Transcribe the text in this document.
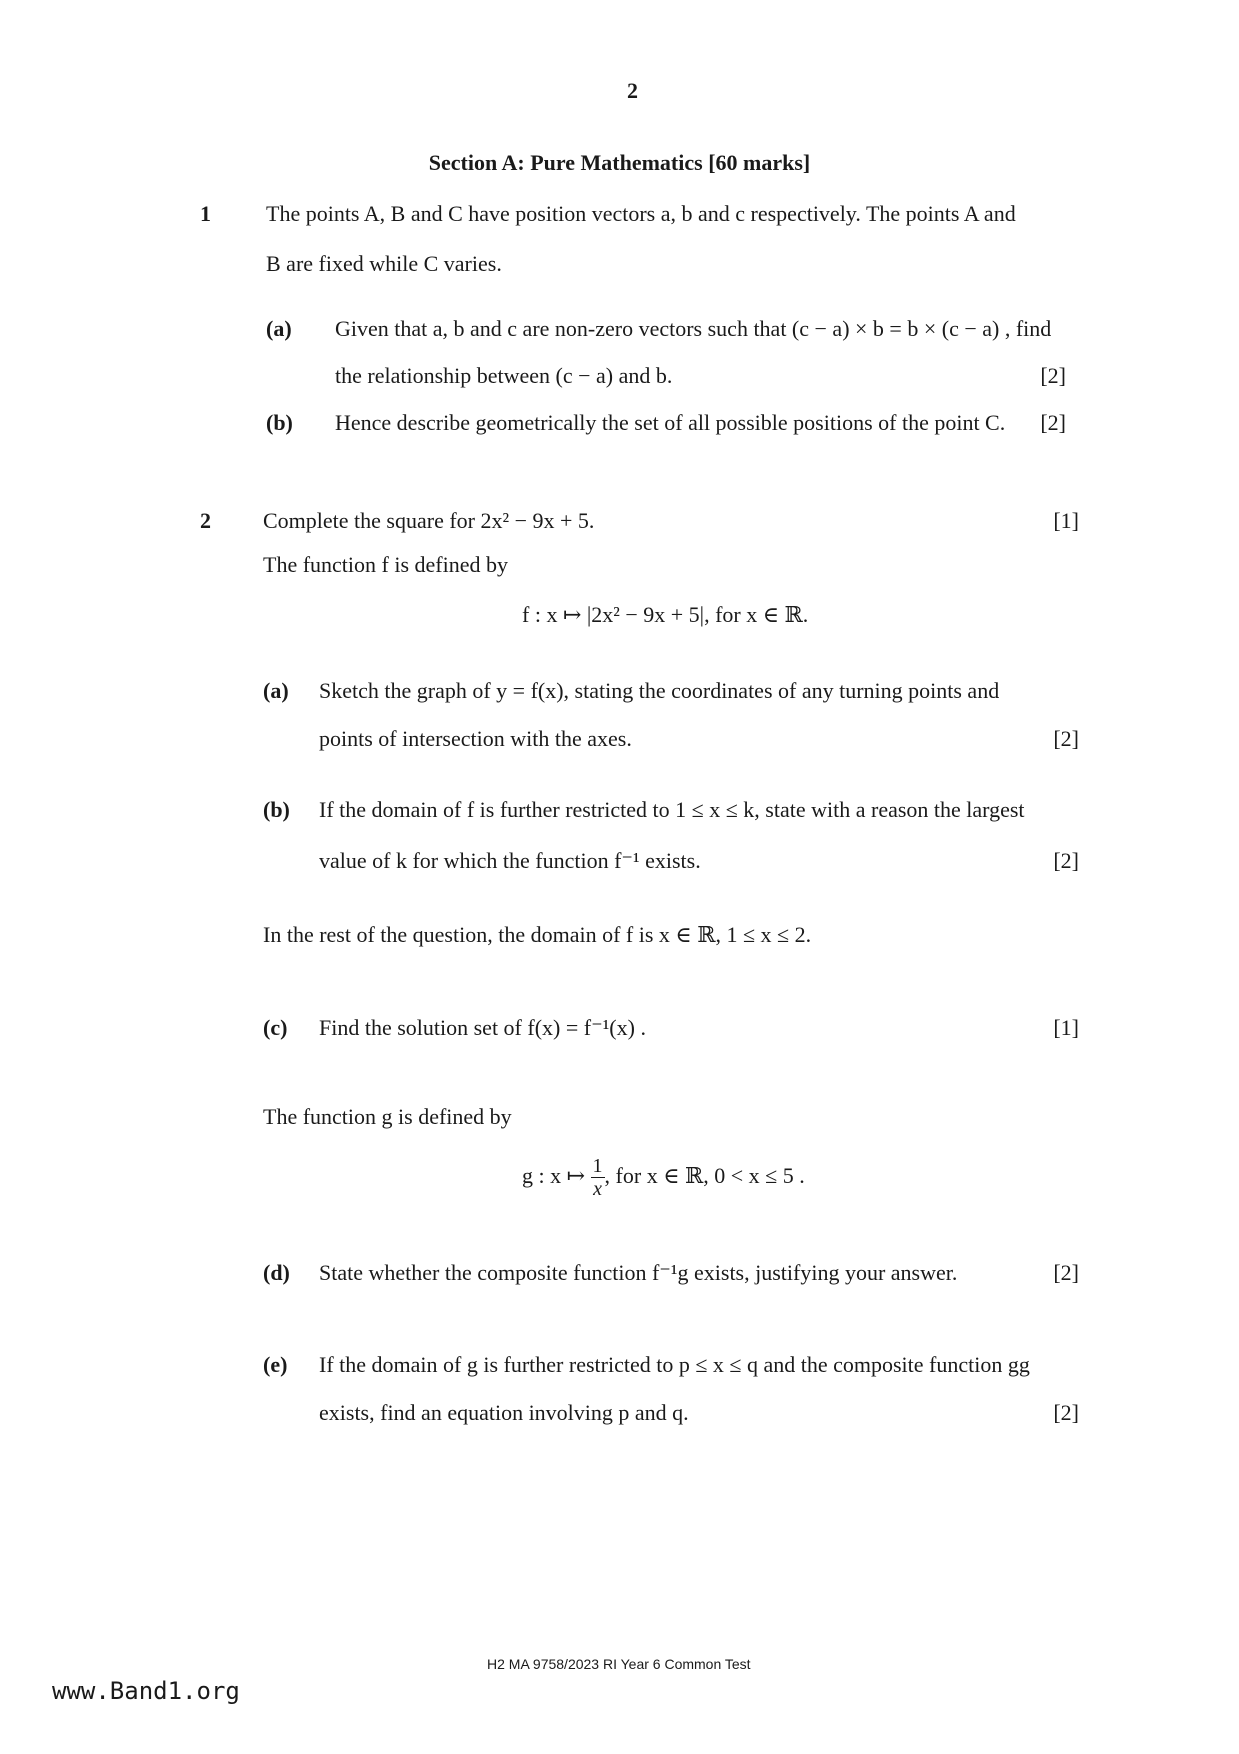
2
Section A: Pure Mathematics [60 marks]
1	The points A, B and C have position vectors a, b and c respectively. The points A and
B are fixed while C varies.
(a) Given that a, b and c are non-zero vectors such that (c − a) × b = b × (c − a) , find
the relationship between (c − a) and b.	[2]
(b) Hence describe geometrically the set of all possible positions of the point C. [2]
2 Complete the square for 2x² − 9x + 5.	[1]
The function f is defined by
f : x ↦ |2x² − 9x + 5|, for x ∈ ℝ.
(a) Sketch the graph of y = f(x), stating the coordinates of any turning points and
points of intersection with the axes.	[2]
(b) If the domain of f is further restricted to 1 ≤ x ≤ k, state with a reason the largest
value of k for which the function f⁻¹ exists.	[2]
In the rest of the question, the domain of f is x ∈ ℝ, 1 ≤ x ≤ 2.
(c) Find the solution set of f(x) = f⁻¹(x) .	[1]
The function g is defined by
g : x ↦ $\frac{1}{x}$ , for x ∈ ℝ, 0 < x ≤ 5 .
(d) State whether the composite function f⁻¹g exists, justifying your answer.	[2]
(e) If the domain of g is further restricted to p ≤ x ≤ q and the composite function gg
exists, find an equation involving p and q.	[2]
H2 MA 9758/2023 RI Year 6 Common Test
www.Band1.org
